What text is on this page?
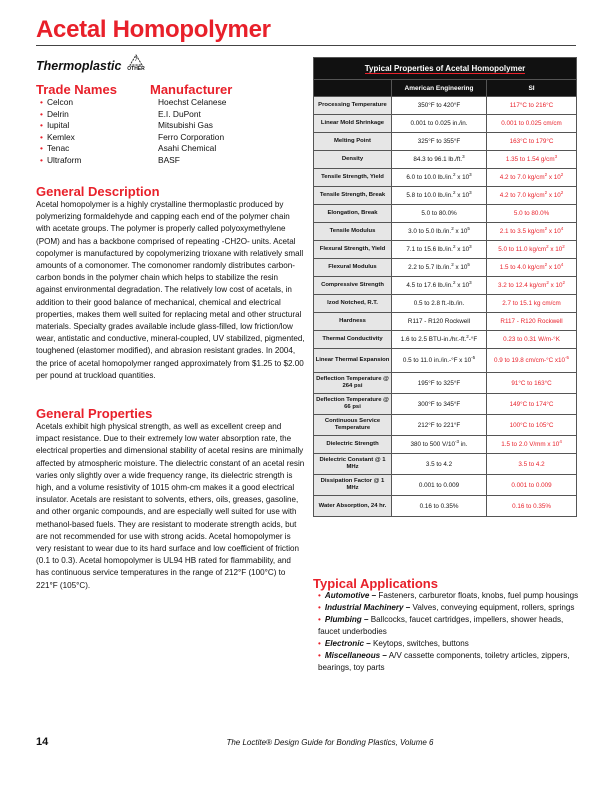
Acetal Homopolymer
Thermoplastic	7
OTHER
Trade Names	Manufacturer
• Celcon
• Delrin
• Iupital
• Kemlex
• Tenac
• Ultraform
Hoechst Celanese
E.I. DuPont
Mitsubishi Gas
Ferro Corporation
Asahi Chemical
BASF
General Description

Acetal homopolymer is a highly crystalline thermoplastic produced by polymerizing formaldehyde and capping each end of the polymer chain with acetate groups. The polymer is properly called polyoxymethylene (POM) and has a backbone comprised of repeating -CH2O- units. Acetal copolymer is manufactured by copolymerizing trioxane with relatively small amounts of a comonomer. The comonomer randomly distributes carbon-carbon bonds in the polymer chain which helps to stabilize the resin against environmental degradation. The relatively low cost of acetals, in addition to their good balance of mechanical, chemical and electrical properties, makes them well suited for replacing metal and other structural materials. Specialty grades available include glass-filled, low friction/low wear, antistatic and conductive, mineral-coupled, UV stabilized, pigmented, toughened (elastomer modified), and abrasion resistant grades. In 2004, the price of acetal homopolymer ranged approximately from $1.25 to $2.00 per pound at truckload quantities.

General Properties

Acetals exhibit high physical strength, as well as excellent creep and impact resistance. Due to their extremely low water absorption rate, the electrical properties and dimensional stability of acetal resins are minimally affected by atmospheric moisture. The dielectric constant of an acetal resin varies only slightly over a wide frequency range, its dielectric strength is high, and a volume resistivity of 1015 ohm-cm makes it a good electrical insulator. Acetals are resistant to solvents, ethers, oils, greases, gasoline, and other organic compounds, and are especially well suited for use with methanol-based fuels. They are resistant to moderate strength acids, but are not recommended for use with strong acids. Acetal homopolymer is very resistant to wear due to its hard surface and low coefficient of friction (0.1 to 0.3). Acetal homopolymer is UL94 HB rated for flammability, and has continuous service temperatures in the range of 212°F (100°C) to 221°F (105°C).

Typical Properties of Acetal Homopolymer		
	American Engineering	SI
Processing Temperature	350°F to 420°F	117°C to 216°C
Linear Mold Shrinkage	0.001 to 0.025 in./in.	0.001 to 0.025 cm/cm
Melting Point	325°F to 355°F	163°C to 179°C
Density	84.3 to 96.1 lb./ft.$^3$	1.35 to 1.54 $g/cm^3$
Tensile Strength, Yield	6.0 to 10.0 lb./in.$^2$ x $10^3$	4.2 to 7.0 $kg/cm^2$ x $10^2$
Tensile Strength, Break	5.8 to 10.0 lb./in.$^2$ x $10^3$	4.2 to 7.0 $kg/cm^2$ x $10^2$
Elongation, Break	5.0 to 80.0%	5.0 to 80.0%
Tensile Modulus	3.0 to 5.0 lb./in.$^2$ x $10^5$	2.1 to 3.5 $kg/cm^2$ x $10^4$
Flexural Strength, Yield	7.1 to 15.6 lb./in.$^2$ x $10^3$	5.0 to 11.0 $kg/cm^2$ x $10^2$
Flexural Modulus	2.2 to 5.7 lb./in.$^2$ x $10^5$	1.5 to 4.0 $kg/cm^2$ x $10^4$
Compressive Strength	4.5 to 17.6 lb./in.$^2$ x $10^3$	3.2 to 12.4 $kg/cm^2$ x $10^2$
Izod Notched, R.T.	0.5 to 2.8 ft.-lb./in.	2.7 to 15.1 kg cm/cm
Hardness	R117 - R120 Rockwell	R117 - R120 Rockwell
Thermal Conductivity	1.6 to 2.5 BTU-in./hr.-ft.$^2$-°F	0.23 to 0.31 W/m-°K
Linear Thermal Expansion	0.5 to 11.0 in./in.-°F x $10^{-5}$	0.9 to 19.8 cm/cm-°C $x10^{-5}$
Deflection Temperature @ 264 psi	195°F to 325°F	91°C to 163°C
Deflection Temperature @ 66 psi	300°F to 345°F	149°C to 174°C
Continuous Service Temperature	212°F to 221°F	100°C to 105°C
Dielectric Strength	380 to 500 $V/10^{-3}$ in.	1.5 to 2.0 V/mm x $10^4$
Dielectric Constant @ 1 MHz	3.5 to 4.2	3.5 to 4.2
Dissipation Factor @ 1 MHz	0.001 to 0.009	0.001 to 0.009
Water Absorption, 24 hr.	0.16 to 0.35%	0.16 to 0.35%
Typical Applications
• Automotive – Fasteners, carburetor floats, knobs, fuel pump housings
• Industrial Machinery – Valves, conveying equipment, rollers, springs
• Plumbing – Ballcocks, faucet cartridges, impellers, shower heads, faucet underbodies
• Electronic – Keytops, switches, buttons
• Miscellaneous – A/V cassette components, toiletry articles, zippers, bearings, toy parts
14	The Loctite® Design Guide for Bonding Plastics, Volume 6
